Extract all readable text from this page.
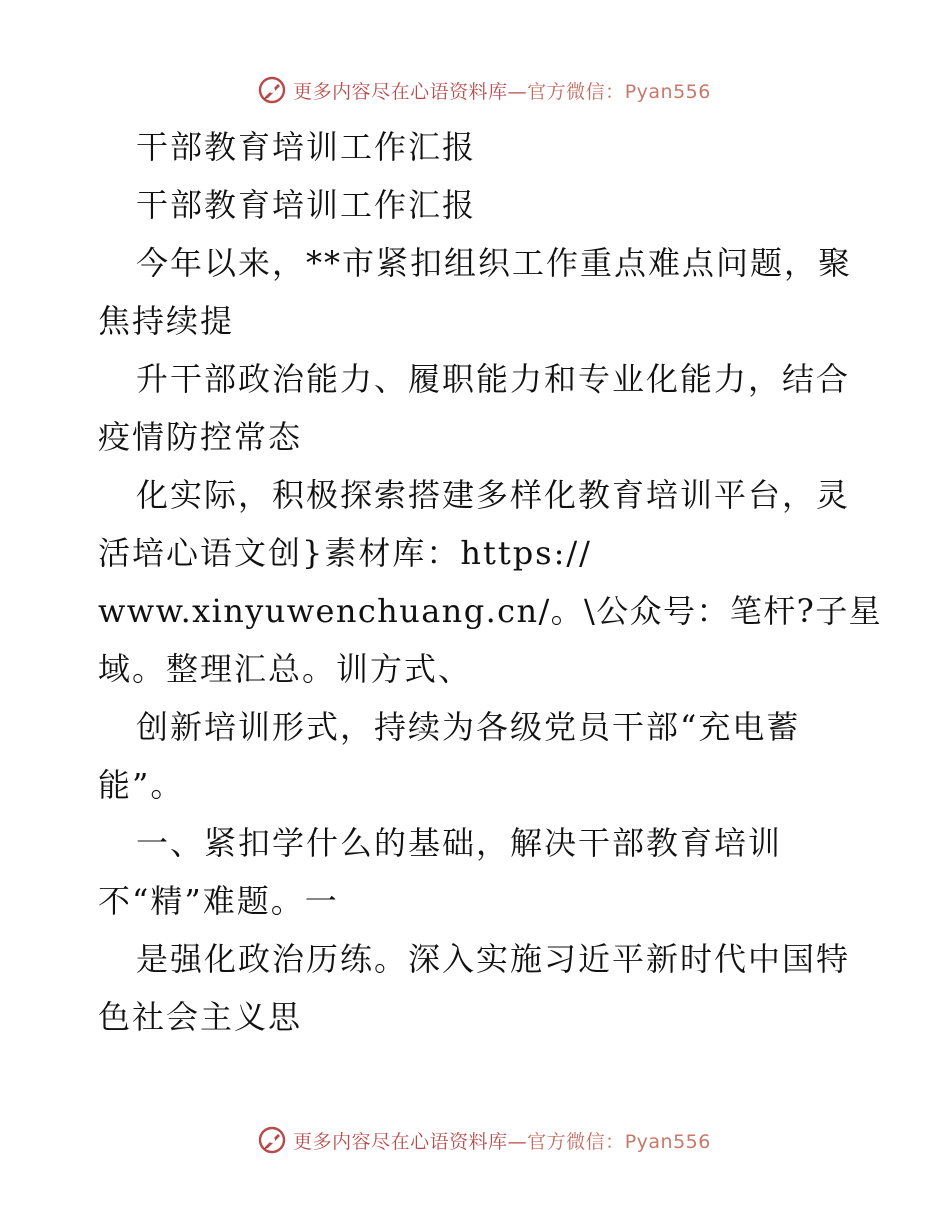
更多内容尽在心语资料库—官方微信：Pyan556
干部教育培训工作汇报
干部教育培训工作汇报
今年以来，**市紧扣组织工作重点难点问题，聚
焦持续提
升干部政治能力、履职能力和专业化能力，结合
疫情防控常态
化实际，积极探索搭建多样化教育培训平台，灵
活培心语文创}素材库：https://
www.xinyuwenchuang.cn/。\公众号：笔杆?子星
域。整理汇总。训方式、
创新培训形式，持续为各级党员干部“充电蓄
能”。
一、紧扣学什么的基础，解决干部教育培训
不“精”难题。一
是强化政治历练。深入实施习近平新时代中国特
色社会主义思
更多内容尽在心语资料库—官方微信：Pyan556
